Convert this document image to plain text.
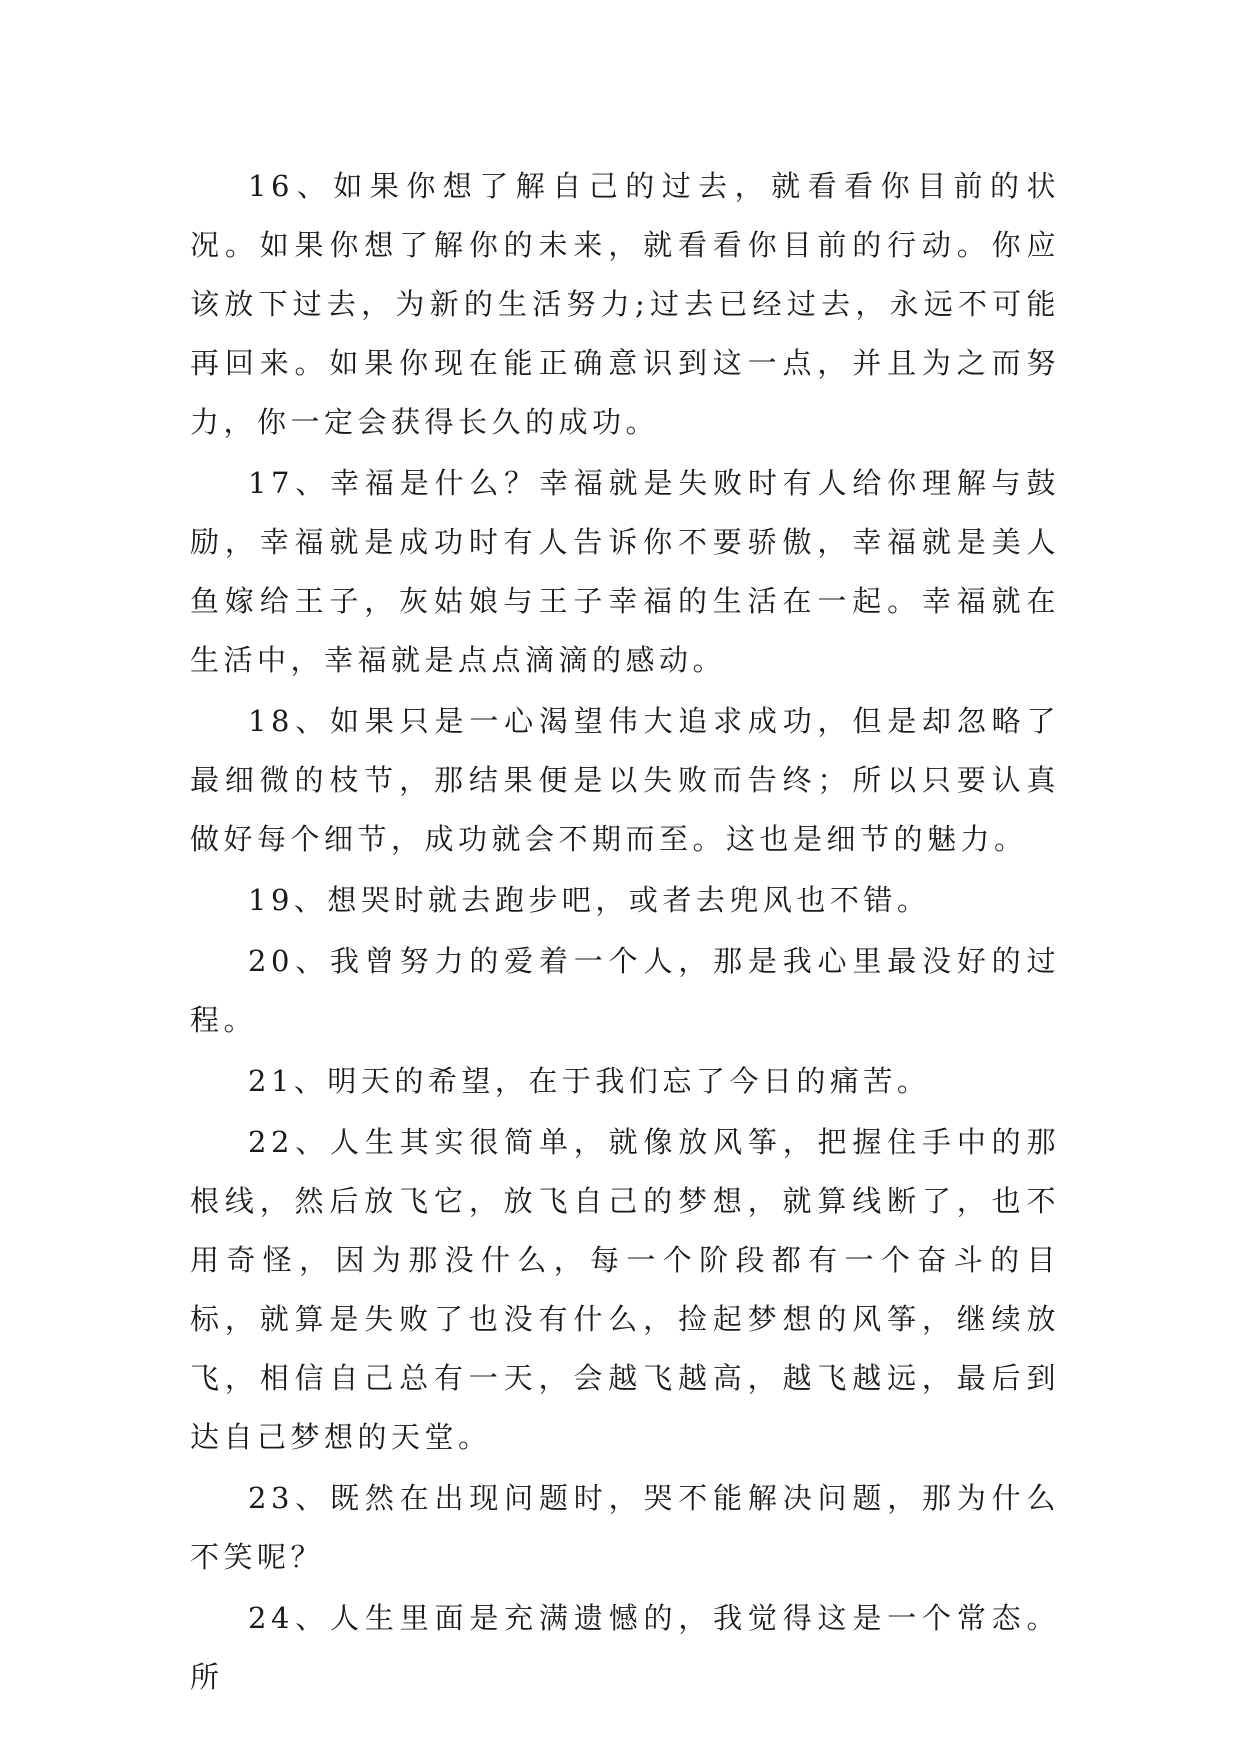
16、如果你想了解自己的过去，就看看你目前的状况。如果你想了解你的未来，就看看你目前的行动。你应该放下过去，为新的生活努力;过去已经过去，永远不可能再回来。如果你现在能正确意识到这一点，并且为之而努力，你一定会获得长久的成功。

17、幸福是什么？幸福就是失败时有人给你理解与鼓励，幸福就是成功时有人告诉你不要骄傲，幸福就是美人鱼嫁给王子，灰姑娘与王子幸福的生活在一起。幸福就在生活中，幸福就是点点滴滴的感动。

18、如果只是一心渴望伟大追求成功，但是却忽略了最细微的枝节，那结果便是以失败而告终；所以只要认真做好每个细节，成功就会不期而至。这也是细节的魅力。

19、想哭时就去跑步吧，或者去兜风也不错。

20、我曾努力的爱着一个人，那是我心里最没好的过程。

21、明天的希望，在于我们忘了今日的痛苦。

22、人生其实很简单，就像放风筝，把握住手中的那根线，然后放飞它，放飞自己的梦想，就算线断了，也不用奇怪，因为那没什么，每一个阶段都有一个奋斗的目标，就算是失败了也没有什么，捡起梦想的风筝，继续放飞，相信自己总有一天，会越飞越高，越飞越远，最后到达自己梦想的天堂。

23、既然在出现问题时，哭不能解决问题，那为什么不笑呢？

24、人生里面是充满遗憾的，我觉得这是一个常态。所
